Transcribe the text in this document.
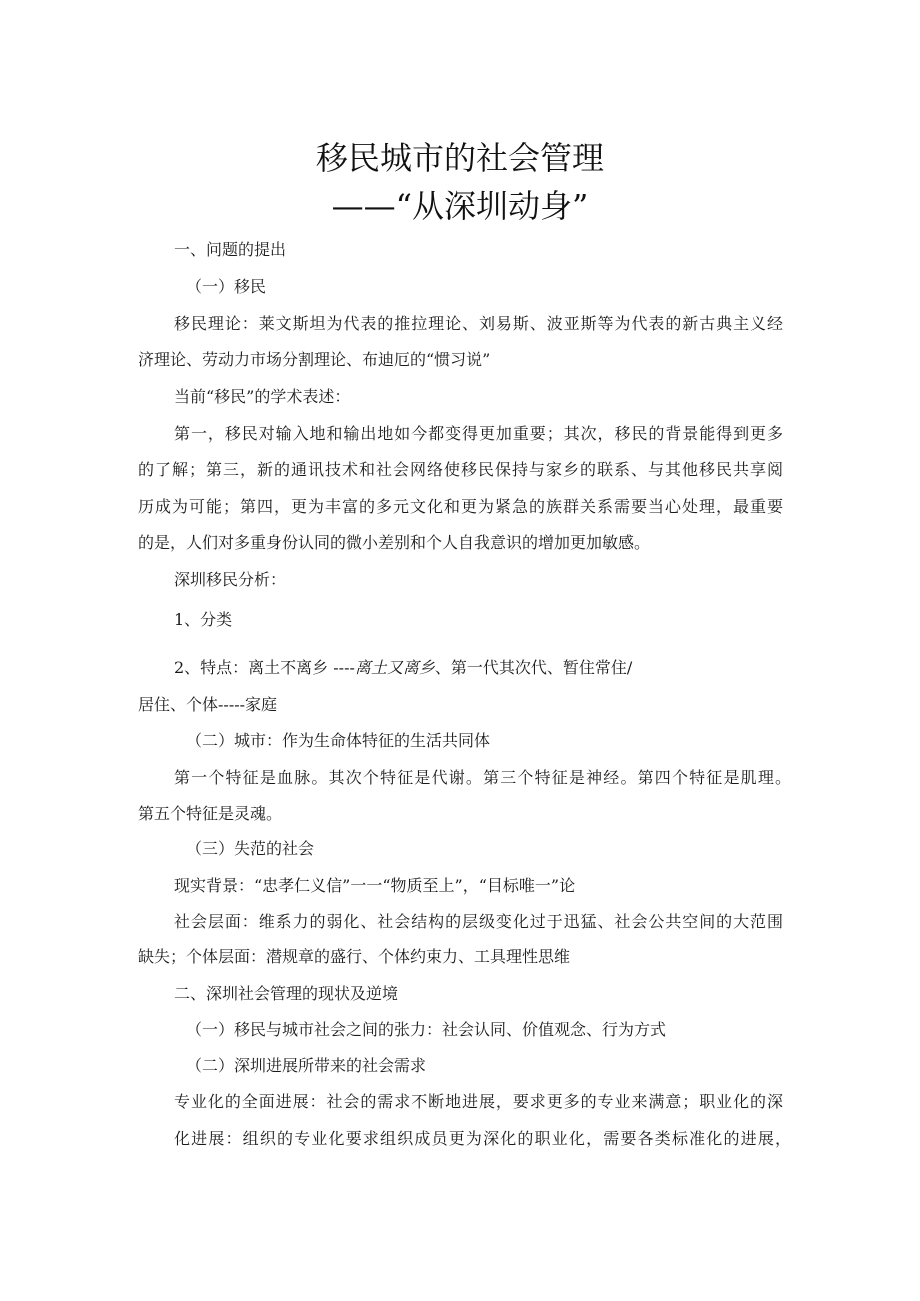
移民城市的社会管理
——“从深圳动身”
一、问题的提出
（一）移民
移民理论：莱文斯坦为代表的推拉理论、刘易斯、波亚斯等为代表的新古典主义经
济理论、劳动力市场分割理论、布迪厄的“惯习说”
当前“移民”的学术表述：
第一，移民对输入地和输出地如今都变得更加重要；其次，移民的背景能得到更多
的了解；第三，新的通讯技术和社会网络使移民保持与家乡的联系、与其他移民共享阅
历成为可能；第四，更为丰富的多元文化和更为紧急的族群关系需要当心处理，最重要
的是，人们对多重身份认同的微小差别和个人自我意识的增加更加敏感。
深圳移民分析：
1、分类
2、特点：离土不离乡 ----离土又离乡、第一代其次代、暂住常住/
居住、个体-----家庭
（二）城市：作为生命体特征的生活共同体
第一个特征是血脉。其次个特征是代谢。第三个特征是神经。第四个特征是肌理。
第五个特征是灵魂。
（三）失范的社会
现实背景：“忠孝仁义信”一一“物质至上”，“目标唯一”论
社会层面：维系力的弱化、社会结构的层级变化过于迅猛、社会公共空间的大范围
缺失；个体层面：潜规章的盛行、个体约束力、工具理性思维
二、深圳社会管理的现状及逆境
（一）移民与城市社会之间的张力：社会认同、价值观念、行为方式
（二）深圳进展所带来的社会需求
专业化的全面进展：社会的需求不断地进展，要求更多的专业来满意；职业化的深
化进展：组织的专业化要求组织成员更为深化的职业化，需要各类标准化的进展，
